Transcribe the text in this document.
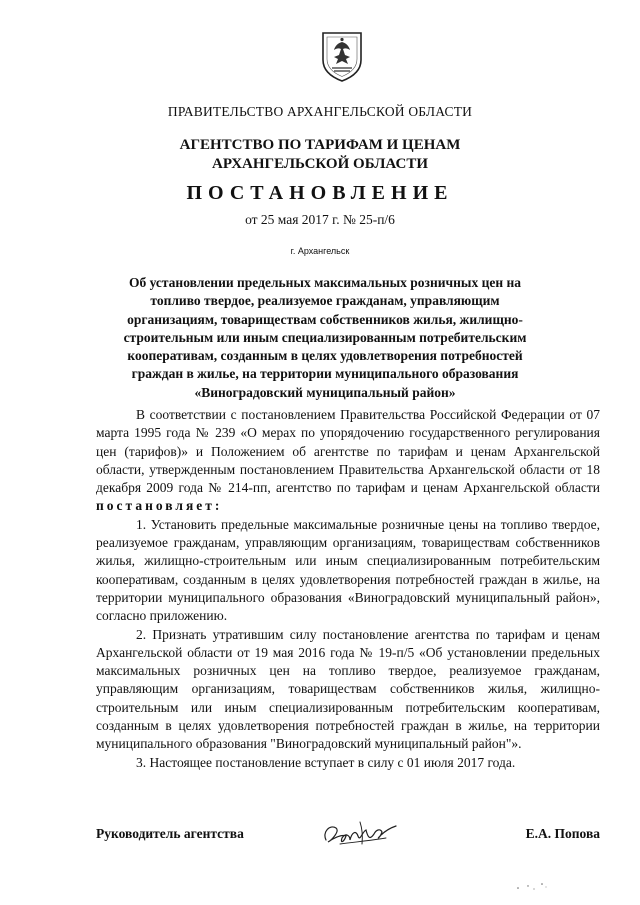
ПРАВИТЕЛЬСТВО АРХАНГЕЛЬСКОЙ ОБЛАСТИ
АГЕНТСТВО ПО ТАРИФАМ И ЦЕНАМ
АРХАНГЕЛЬСКОЙ ОБЛАСТИ
ПОСТАНОВЛЕНИЕ
от 25 мая 2017 г. № 25-п/6
г. Архангельск
Об установлении предельных максимальных розничных цен на топливо твердое, реализуемое гражданам, управляющим организациям, товариществам собственников жилья, жилищно-строительным или иным специализированным потребительским кооперативам, созданным в целях удовлетворения потребностей граждан в жилье, на территории муниципального образования «Виноградовский муниципальный район»

В соответствии с постановлением Правительства Российской Федерации от 07 марта 1995 года № 239 «О мерах по упорядочению государственного регулирования цен (тарифов)» и Положением об агентстве по тарифам и ценам Архангельской области, утвержденным постановлением Правительства Архангельской области от 18 декабря 2009 года № 214-пп, агентство по тарифам и ценам Архангельской области постановляет:

1. Установить предельные максимальные розничные цены на топливо твердое, реализуемое гражданам, управляющим организациям, товариществам собственников жилья, жилищно-строительным или иным специализированным потребительским кооперативам, созданным в целях удовлетворения потребностей граждан в жилье, на территории муниципального образования «Виноградовский муниципальный район», согласно приложению.

2. Признать утратившим силу постановление агентства по тарифам и ценам Архангельской области от 19 мая 2016 года № 19-п/5 «Об установлении предельных максимальных розничных цен на топливо твердое, реализуемое гражданам, управляющим организациям, товариществам собственников жилья, жилищно-строительным или иным специализированным потребительским кооперативам, созданным в целях удовлетворения потребностей граждан в жилье, на территории муниципального образования "Виноградовский муниципальный район"».

3. Настоящее постановление вступает в силу с 01 июля 2017 года.

Руководитель агентства	Е.А. Попова
